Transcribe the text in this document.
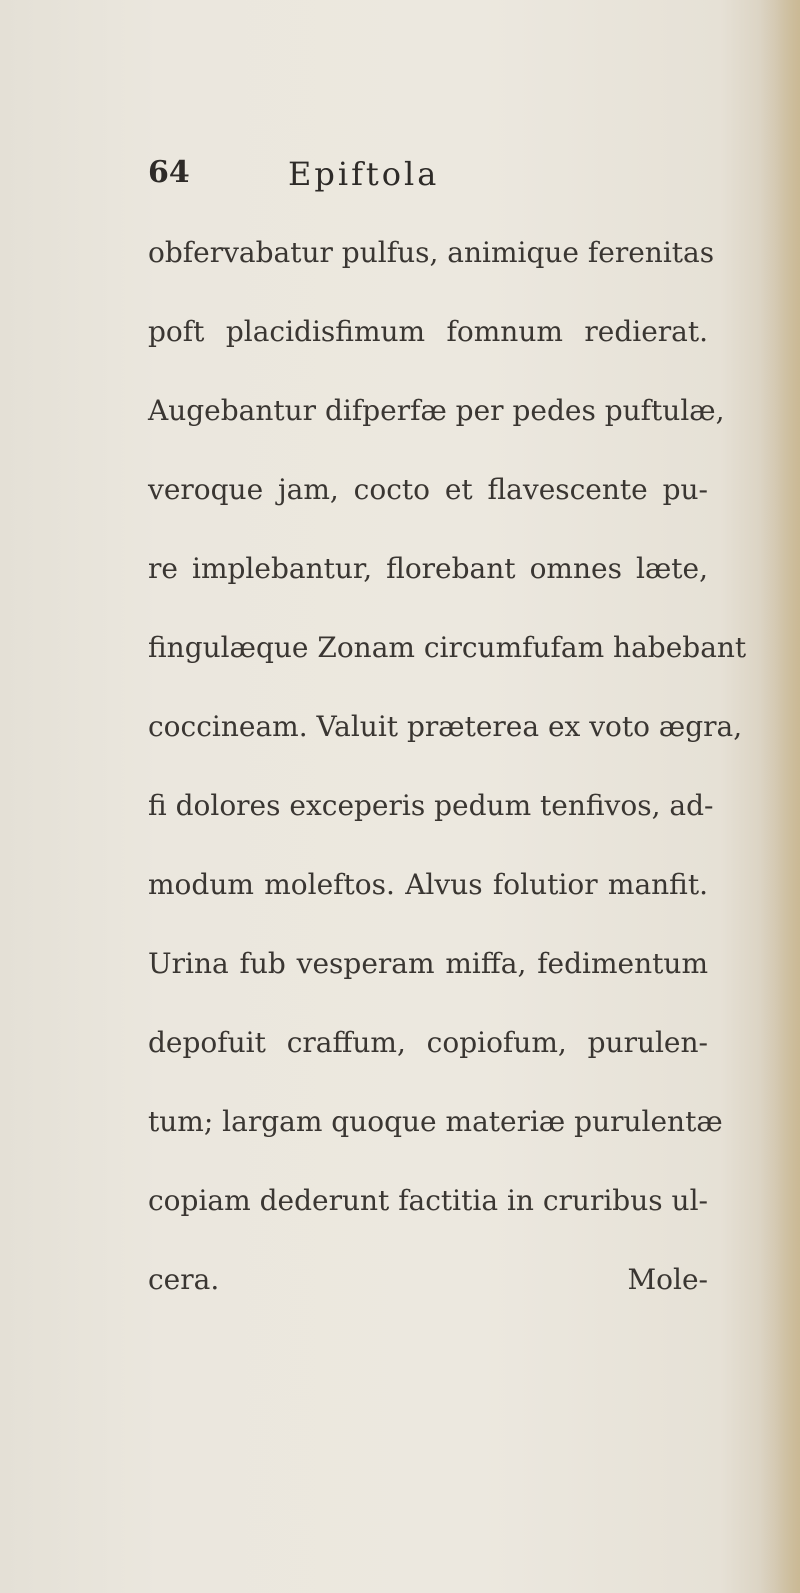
64	Epiftola
obfervabatur pulfus, animique ferenitas
poft placidisfimum fomnum redierat.
Augebantur difperfæ per pedes puftulæ,
veroque jam, cocto et flavescente pu-
re implebantur, florebant omnes læte,
fingulæque Zonam circumfufam habebant
coccineam. Valuit præterea ex voto ægra,
fi dolores exceperis pedum tenfivos, ad-
modum moleftos. Alvus folutior manfit.
Urina fub vesperam miffa, fedimentum
depofuit craffum, copiofum, purulen-
tum; largam quoque materiæ purulentæ
copiam dederunt factitia in cruribus ul-
cera.	Mole-
